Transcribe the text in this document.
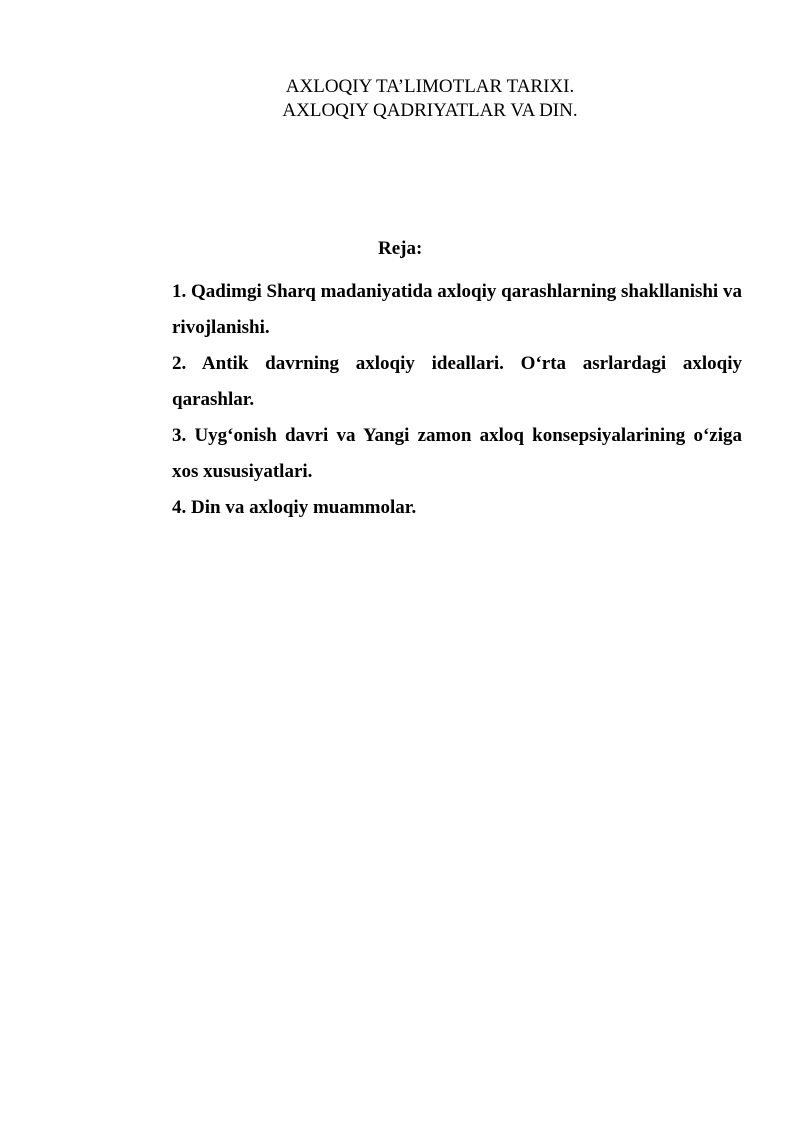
AXLOQIY TA’LIMOTLAR TARIXI.
AXLOQIY QADRIYATLAR VA DIN.

Reja:

1. Qadimgi Sharq madaniyatida axloqiy qarashlarning shakllanishi va rivojlanishi.
2. Antik davrning axloqiy ideallari. O‘rta asrlardagi axloqiy qarashlar.
3. Uyg‘onish davri va Yangi zamon axloq konsepsiyalarining o‘ziga xos xususiyatlari.
4. Din va axloqiy muammolar.
